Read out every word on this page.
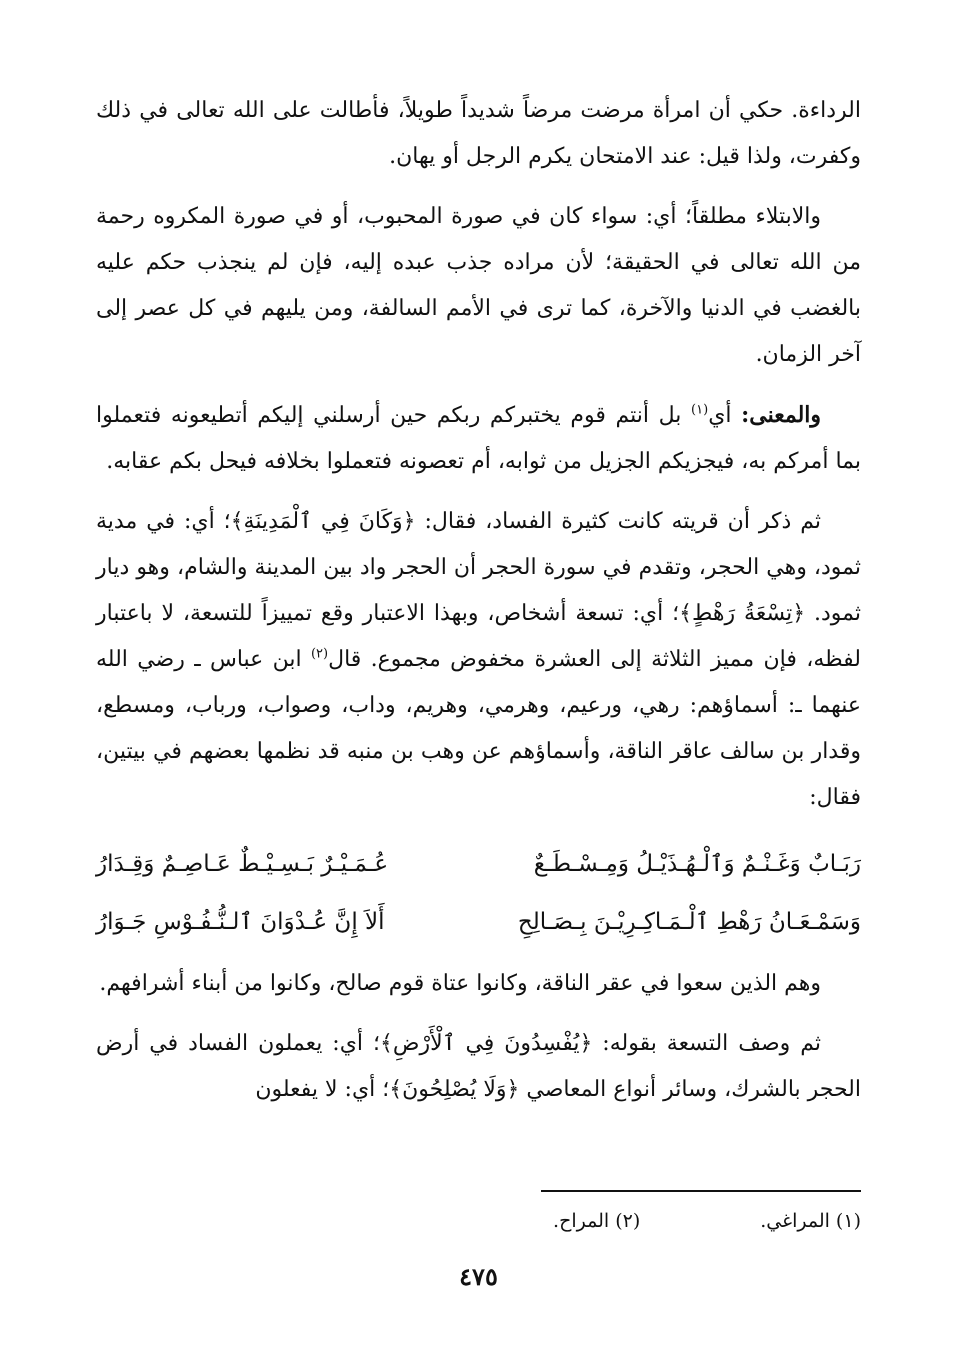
الرداءة. حكي أن امرأة مرضت مرضاً شديداً طويلاً، فأطالت على الله تعالى في ذلك وكفرت، ولذا قيل: عند الامتحان يكرم الرجل أو يهان.

والابتلاء مطلقاً؛ أي: سواء كان في صورة المحبوب، أو في صورة المكروه رحمة من الله تعالى في الحقيقة؛ لأن مراده جذب عبده إليه، فإن لم ينجذب حكم عليه بالغضب في الدنيا والآخرة، كما ترى في الأمم السالفة، ومن يليهم في كل عصر إلى آخر الزمان.

والمعنى: أي$^{(١)}$ بل أنتم قوم يختبركم ربكم حين أرسلني إليكم أتطيعونه فتعملوا بما أمركم به، فيجزيكم الجزيل من ثوابه، أم تعصونه فتعملوا بخلافه فيحل بكم عقابه.

ثم ذكر أن قريته كانت كثيرة الفساد، فقال: ﴿وَكَانَ فِي ٱلْمَدِينَةِ﴾؛ أي: في مدية ثمود، وهي الحجر، وتقدم في سورة الحجر أن الحجر واد بين المدينة والشام، وهو ديار ثمود. ﴿تِسْعَةُ رَهْطٍ﴾؛ أي: تسعة أشخاص، وبهذا الاعتبار وقع تمييزاً للتسعة، لا باعتبار لفظه، فإن مميز الثلاثة إلى العشرة مخفوض مجموع. قال$^{(٢)}$ ابن عباس ـ رضي الله عنهما ـ: أسماؤهم: رهي، ورعيم، وهرمي، وهريم، وداب، وصواب، ورباب، ومسطع، وقدار بن سالف عاقر الناقة، وأسماؤهم عن وهب بن منبه قد نظمها بعضهم في بيتين، فقال:

رَبَـابٌ وَغَـنْـمٌ وَٱلْـهُـذَيْـلُ وَمِـسْـطَـعٌ
عُـمَـيْـرٌ بَـسِـيْـطٌ عَـاصِـمٌ وَقِـدَارُ
وَسَمْـعَـانُ رَهْطِ ٱلْـمَـاكِـرِيْـنَ بِـصَـالِحِ
أَلاَ إِنَّ عُـدْوَانَ ٱلـنُّـفُـوْسِ جَـوَارُ

وهم الذين سعوا في عقر الناقة، وكانوا عتاة قوم صالح، وكانوا من أبناء أشرافهم.

ثم وصف التسعة بقوله: ﴿يُفْسِدُونَ فِي ٱلْأَرْضِ﴾؛ أي: يعملون الفساد في أرض الحجر بالشرك، وسائر أنواع المعاصي ﴿وَلَا يُصْلِحُونَ﴾؛ أي: لا يفعلون

(١) المراغي.
(٢) المراح.
٤٧٥
